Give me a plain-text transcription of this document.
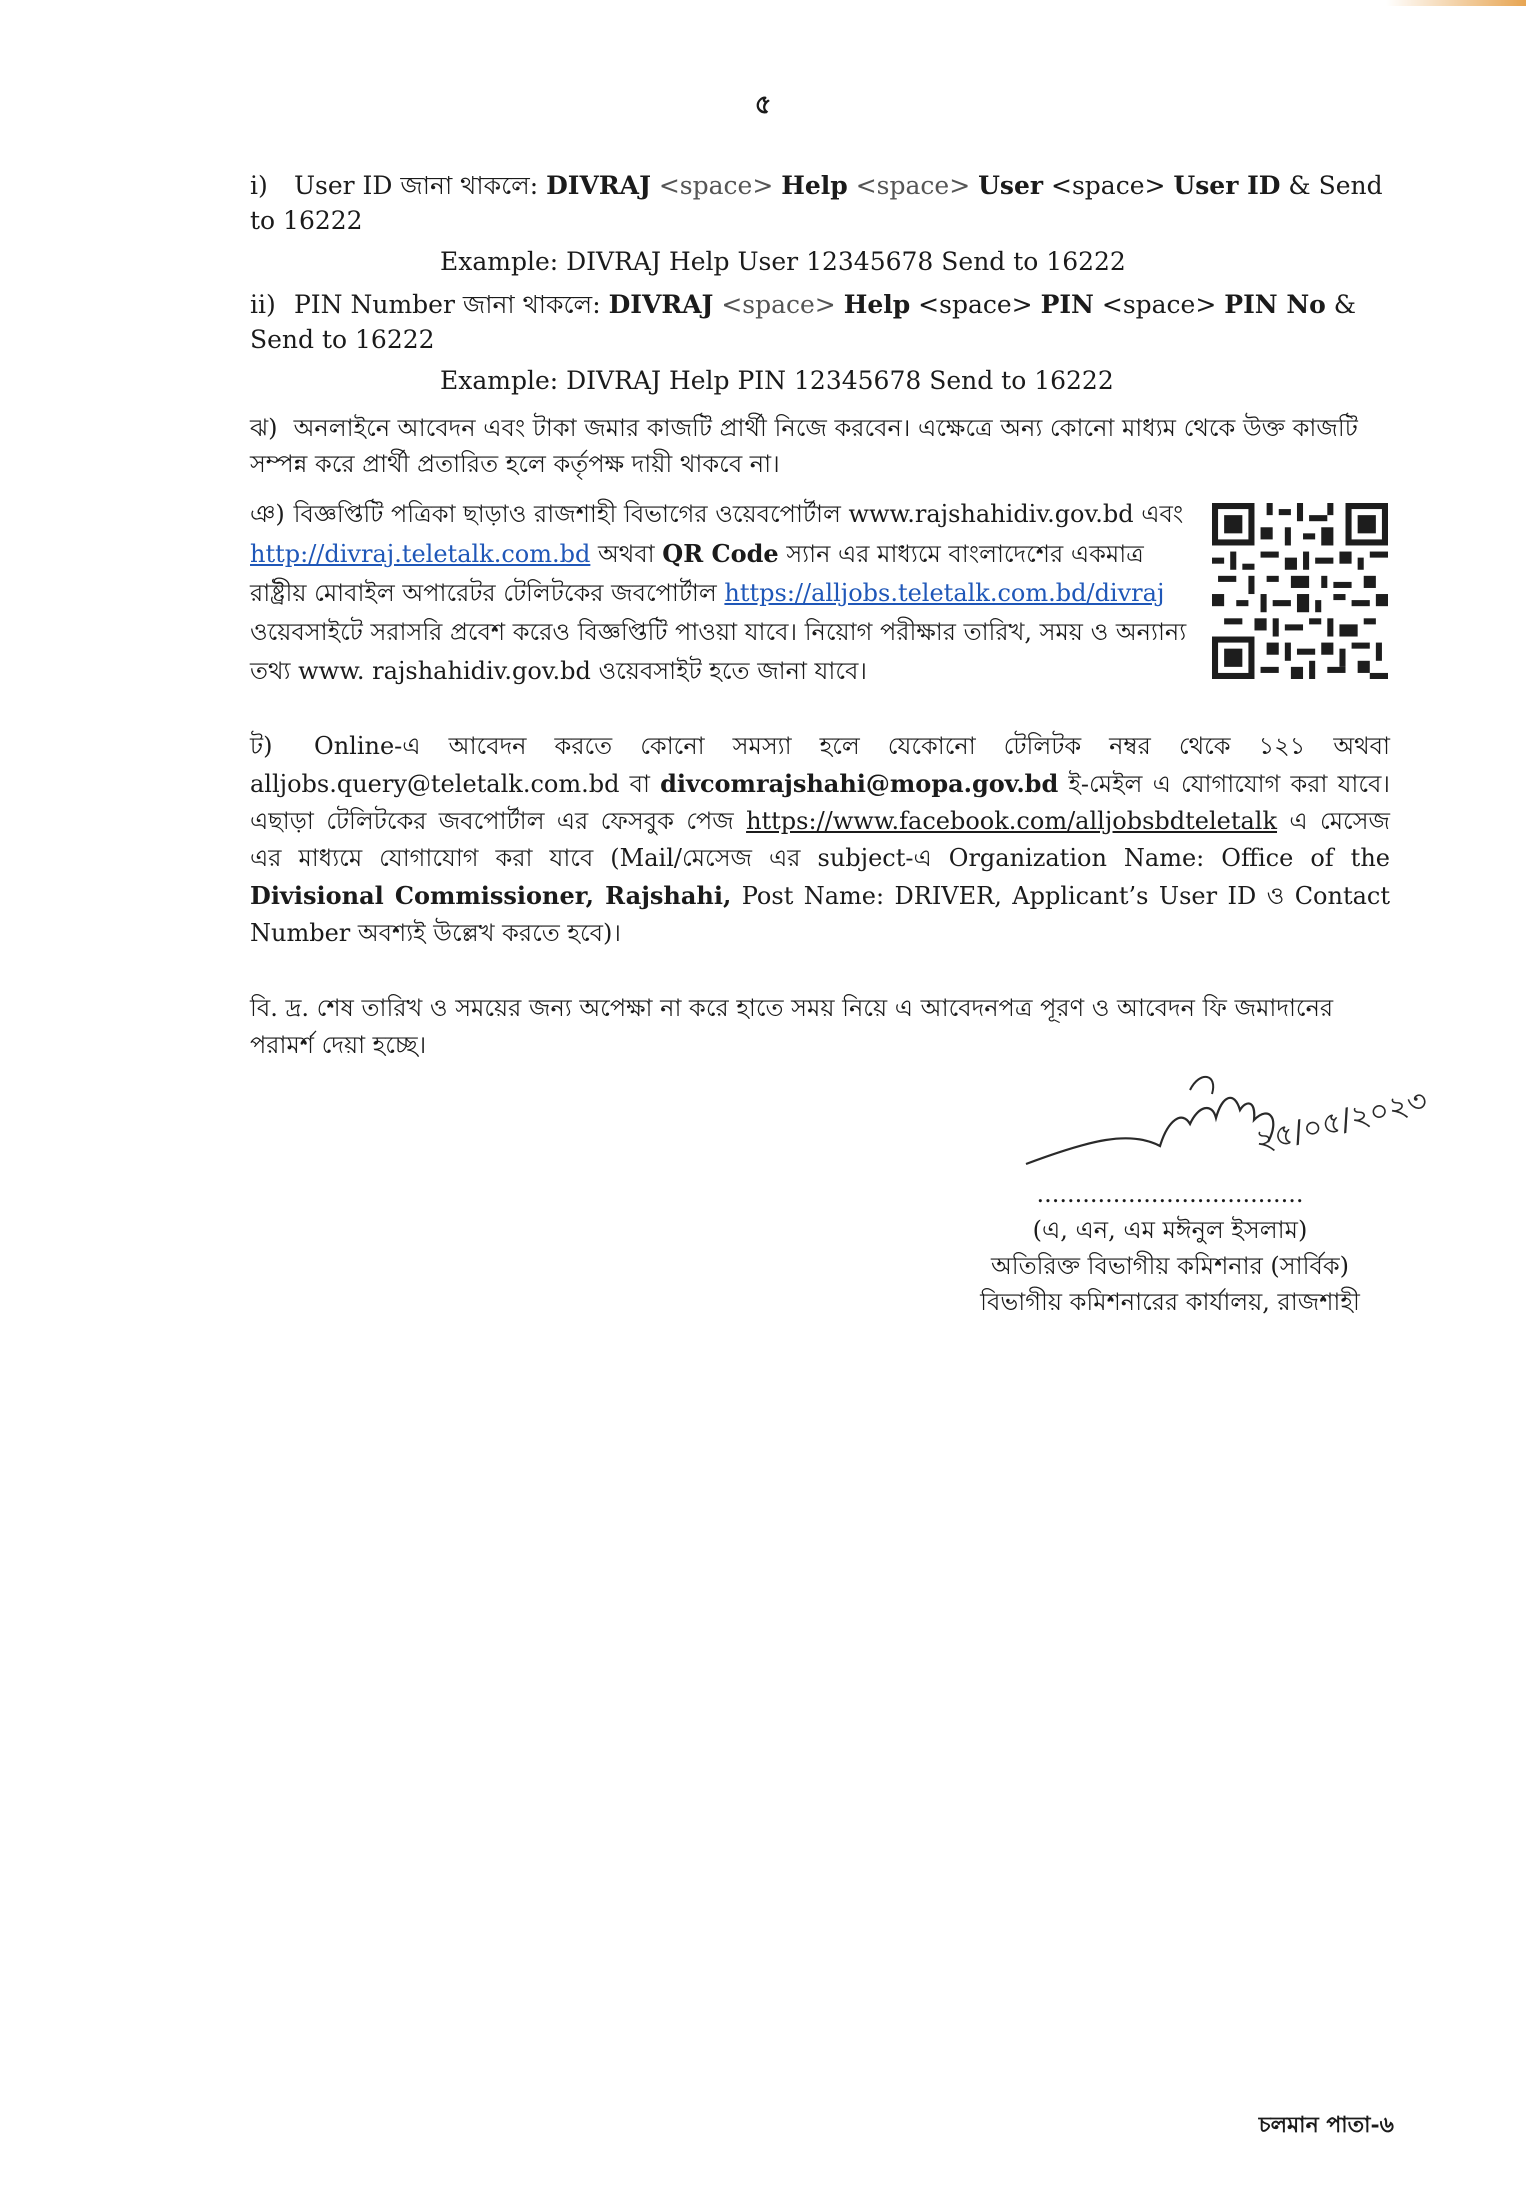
৫
i) User ID জানা থাকলে: DIVRAJ <space> Help <space> User <space> User ID & Send to 16222
Example: DIVRAJ Help User 12345678 Send to 16222
ii) PIN Number জানা থাকলে: DIVRAJ <space> Help <space> PIN <space> PIN No & Send to 16222
Example: DIVRAJ Help PIN 12345678 Send to 16222
ঝ) অনলাইনে আবেদন এবং টাকা জমার কাজটি প্রার্থী নিজে করবেন। এক্ষেত্রে অন্য কোনো মাধ্যম থেকে উক্ত কাজটি সম্পন্ন করে প্রার্থী প্রতারিত হলে কর্তৃপক্ষ দায়ী থাকবে না।
ঞ) বিজ্ঞপ্তিটি পত্রিকা ছাড়াও রাজশাহী বিভাগের ওয়েবপোর্টাল www.rajshahidiv.gov.bd এবং http://divraj.teletalk.com.bd অথবা QR Code স্যান এর মাধ্যমে বাংলাদেশের একমাত্র রাষ্ট্রীয় মোবাইল অপারেটর টেলিটকের জবপোর্টাল https://alljobs.teletalk.com.bd/divraj ওয়েবসাইটে সরাসরি প্রবেশ করেও বিজ্ঞপ্তিটি পাওয়া যাবে। নিয়োগ পরীক্ষার তারিখ, সময় ও অন্যান্য তথ্য www. rajshahidiv.gov.bd ওয়েবসাইট হতে জানা যাবে।
ট) Online-এ আবেদন করতে কোনো সমস্যা হলে যেকোনো টেলিটক নম্বর থেকে ১২১ অথবা alljobs.query@teletalk.com.bd বা divcomrajshahi@mopa.gov.bd ই-মেইল এ যোগাযোগ করা যাবে। এছাড়া টেলিটকের জবপোর্টাল এর ফেসবুক পেজ https://www.facebook.com/alljobsbdteletalk এ মেসেজ এর মাধ্যমে যোগাযোগ করা যাবে (Mail/মেসেজ এর subject-এ Organization Name: Office of the Divisional Commissioner, Rajshahi, Post Name: DRIVER, Applicant’s User ID ও Contact Number অবশ্যই উল্লেখ করতে হবে)।
বি. দ্র. শেষ তারিখ ও সময়ের জন্য অপেক্ষা না করে হাতে সময় নিয়ে এ আবেদনপত্র পূরণ ও আবেদন ফি জমাদানের পরামর্শ দেয়া হচ্ছে।
২৫/০৫/২০২৩
...................................
(এ, এন, এম মঈনুল ইসলাম)
অতিরিক্ত বিভাগীয় কমিশনার (সার্বিক)
বিভাগীয় কমিশনারের কার্যালয়, রাজশাহী
চলমান পাতা-৬
